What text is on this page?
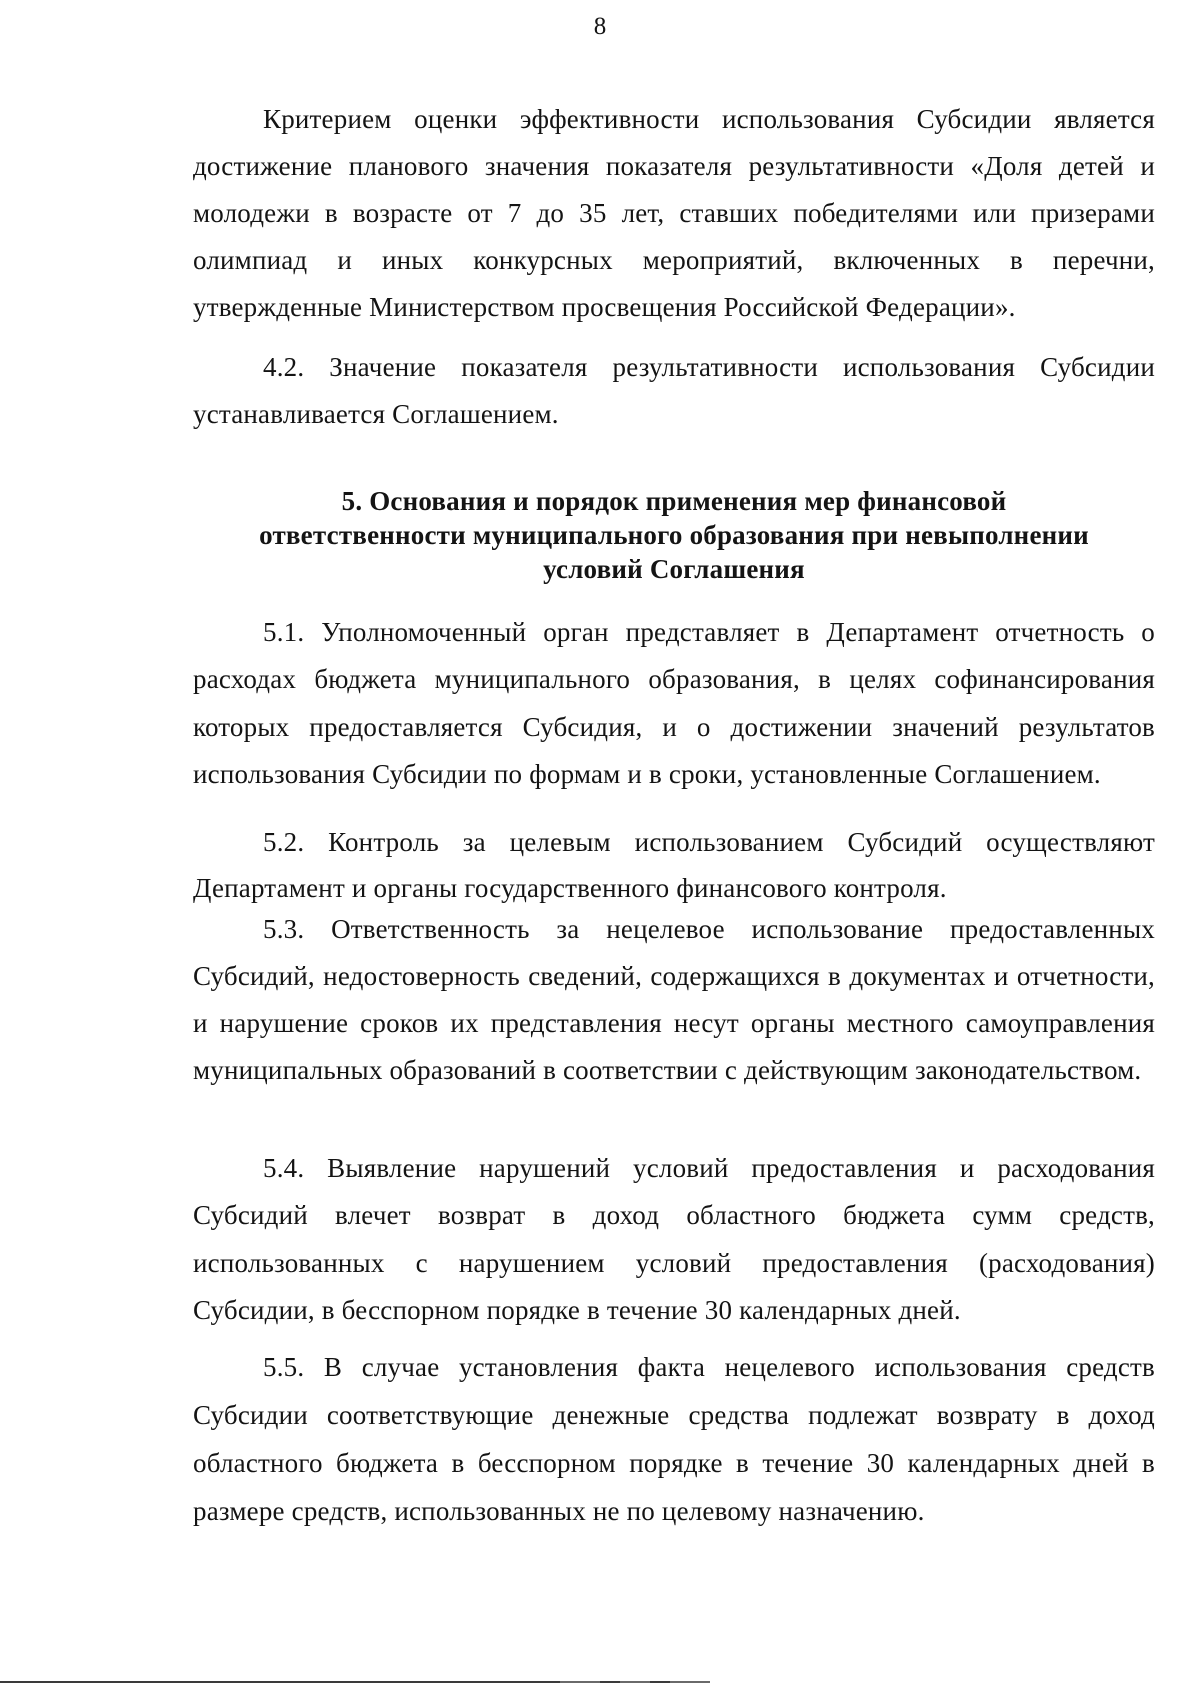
8

Критерием оценки эффективности использования Субсидии является достижение планового значения показателя результативности «Доля детей и молодежи в возрасте от 7 до 35 лет, ставших победителями или призерами олимпиад и иных конкурсных мероприятий, включенных в перечни, утвержденные Министерством просвещения Российской Федерации».

4.2. Значение показателя результативности использования Субсидии устанавливается Соглашением.

5. Основания и порядок применения мер финансовой
ответственности муниципального образования при невыполнении
условий Соглашения

5.1. Уполномоченный орган представляет в Департамент отчетность о расходах бюджета муниципального образования, в целях софинансирования которых предоставляется Субсидия, и о достижении значений результатов использования Субсидии по формам и в сроки, установленные Соглашением.

5.2. Контроль за целевым использованием Субсидий осуществляют Департамент и органы государственного финансового контроля.

5.3. Ответственность за нецелевое использование предоставленных Субсидий, недостоверность сведений, содержащихся в документах и отчетности, и нарушение сроков их представления несут органы местного самоуправления муниципальных образований в соответствии с действующим законодательством.

5.4. Выявление нарушений условий предоставления и расходования Субсидий влечет возврат в доход областного бюджета сумм средств, использованных с нарушением условий предоставления (расходования) Субсидии, в бесспорном порядке в течение 30 календарных дней.

5.5. В случае установления факта нецелевого использования средств Субсидии соответствующие денежные средства подлежат возврату в доход областного бюджета в бесспорном порядке в течение 30 календарных дней в размере средств, использованных не по целевому назначению.
